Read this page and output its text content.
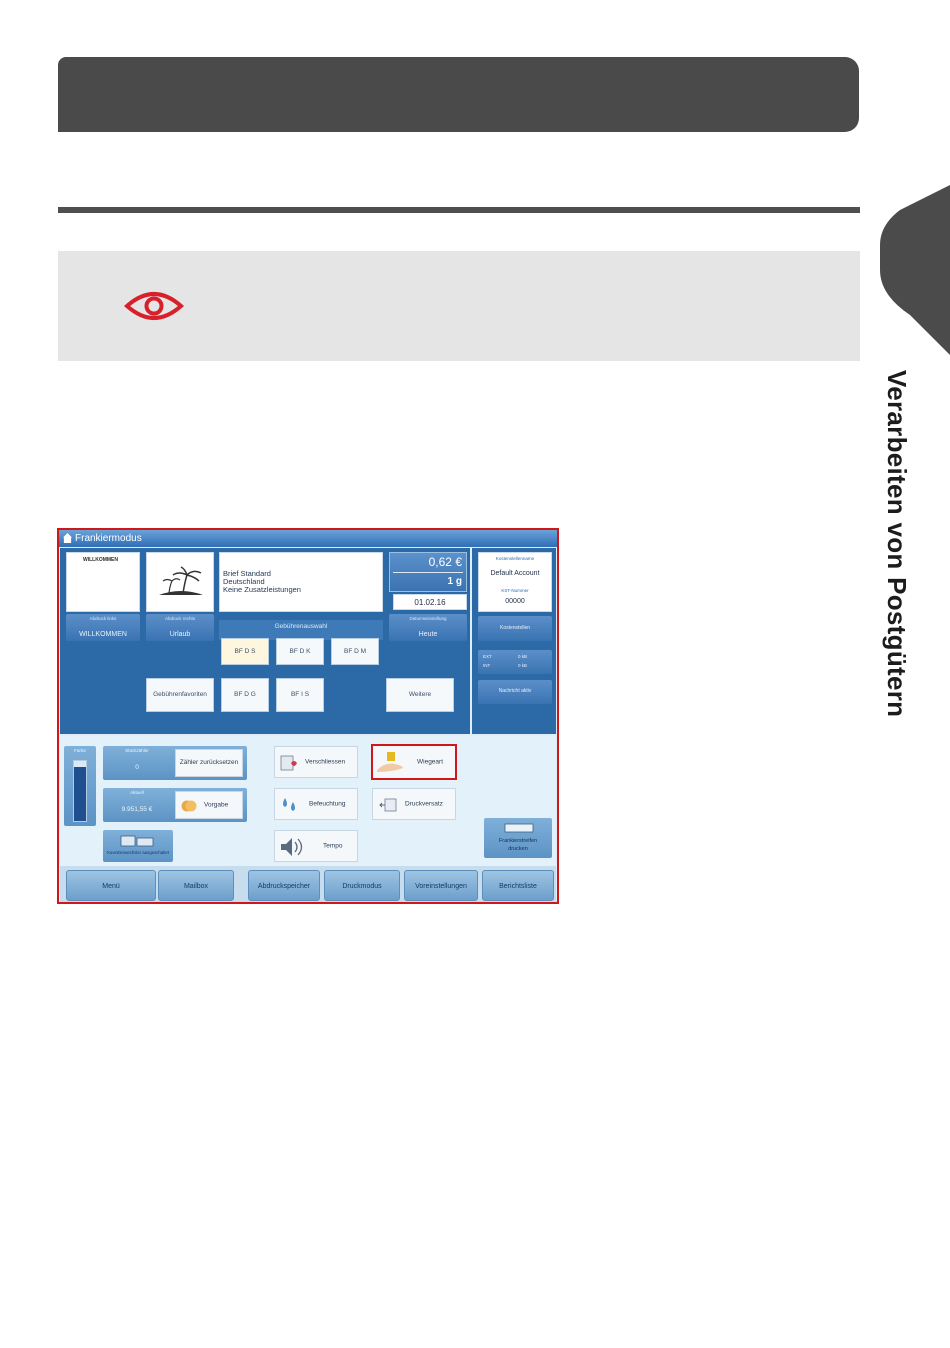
Verarbeiten von Postgütern
Frankiermodus
WILLKOMMEN
Abdruck links
WILLKOMMEN
Abdruck rechts
Urlaub
Brief Standard
Deutschland
Keine Zusatzleistungen
0,62 €
1 g
01.02.16
Datumseinstellung
Heute
Gebührenauswahl
BF D S	BF D K	BF D M
Gebührenfavoriten	BF D G	BF I S	Weitere
Kostenstellenname
Default Account
KST-Nummer
00000
Kostenstellen
EXT	0 kB
INT	0 kB
Nachricht aktiv
Farbe	Stückzähler
0
Zähler zurücksetzen
Aktuell
9.951,55 €
Vorgabe
Kuvertierwechsler ausgeschaltet
Verschliessen
Befeuchtung
Tempo
Wiegeart
Druckversatz
Frankierstreifen
drucken
Menü	Mailbox	Abdruckspeicher	Druckmodus	Voreinstellungen	Berichtsliste
